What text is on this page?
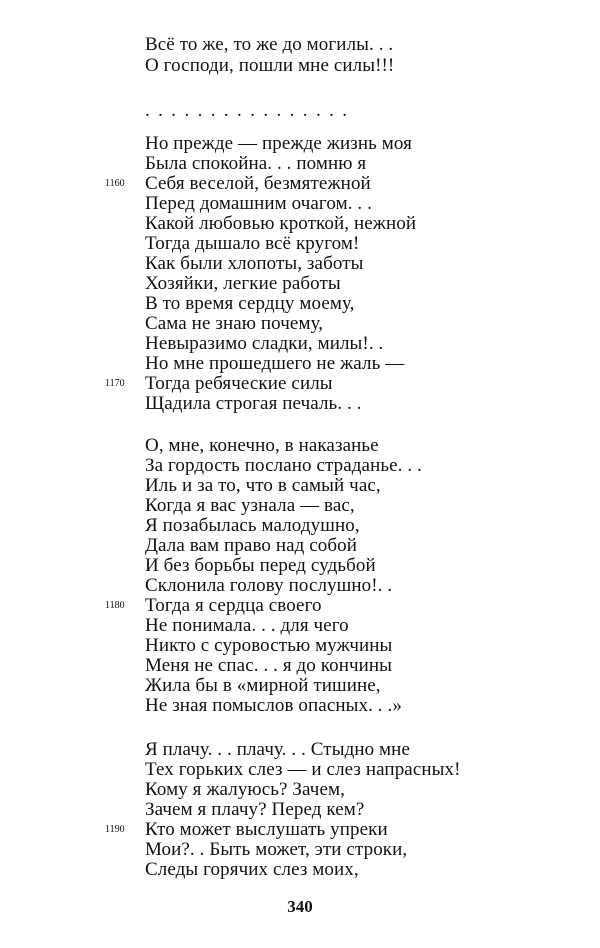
Всё то же, то же до могилы. . .
О господи, пошли мне силы!!!
................
Но прежде — прежде жизнь моя
Была спокойна. . . помню я
1160 Себя веселой, безмятежной
Перед домашним очагом. . .
Какой любовью кроткой, нежной
Тогда дышало всё кругом!
Как были хлопоты, заботы
Хозяйки, легкие работы
В то время сердцу моему,
Сама не знаю почему,
Невыразимо сладки, милы!. .
Но мне прошедшего не жаль —
1170 Тогда ребяческие силы
Щадила строгая печаль. . .
О, мне, конечно, в наказанье
За гордость послано страданье. . .
Иль и за то, что в самый час,
Когда я вас узнала — вас,
Я позабылась малодушно,
Дала вам право над собой
И без борьбы перед судьбой
Склонила голову послушно!. .
1180 Тогда я сердца своего
Не понимала. . . для чего
Никто с суровостью мужчины
Меня не спас. . . я до кончины
Жила бы в «мирной тишине,
Не зная помыслов опасных. . .»
Я плачу. . . плачу. . . Стыдно мне
Тех горьких слез — и слез напрасных!
Кому я жалуюсь? Зачем,
Зачем я плачу? Перед кем?
1190 Кто может выслушать упреки
Мои?. . Быть может, эти строки,
Следы горячих слез моих,
340
